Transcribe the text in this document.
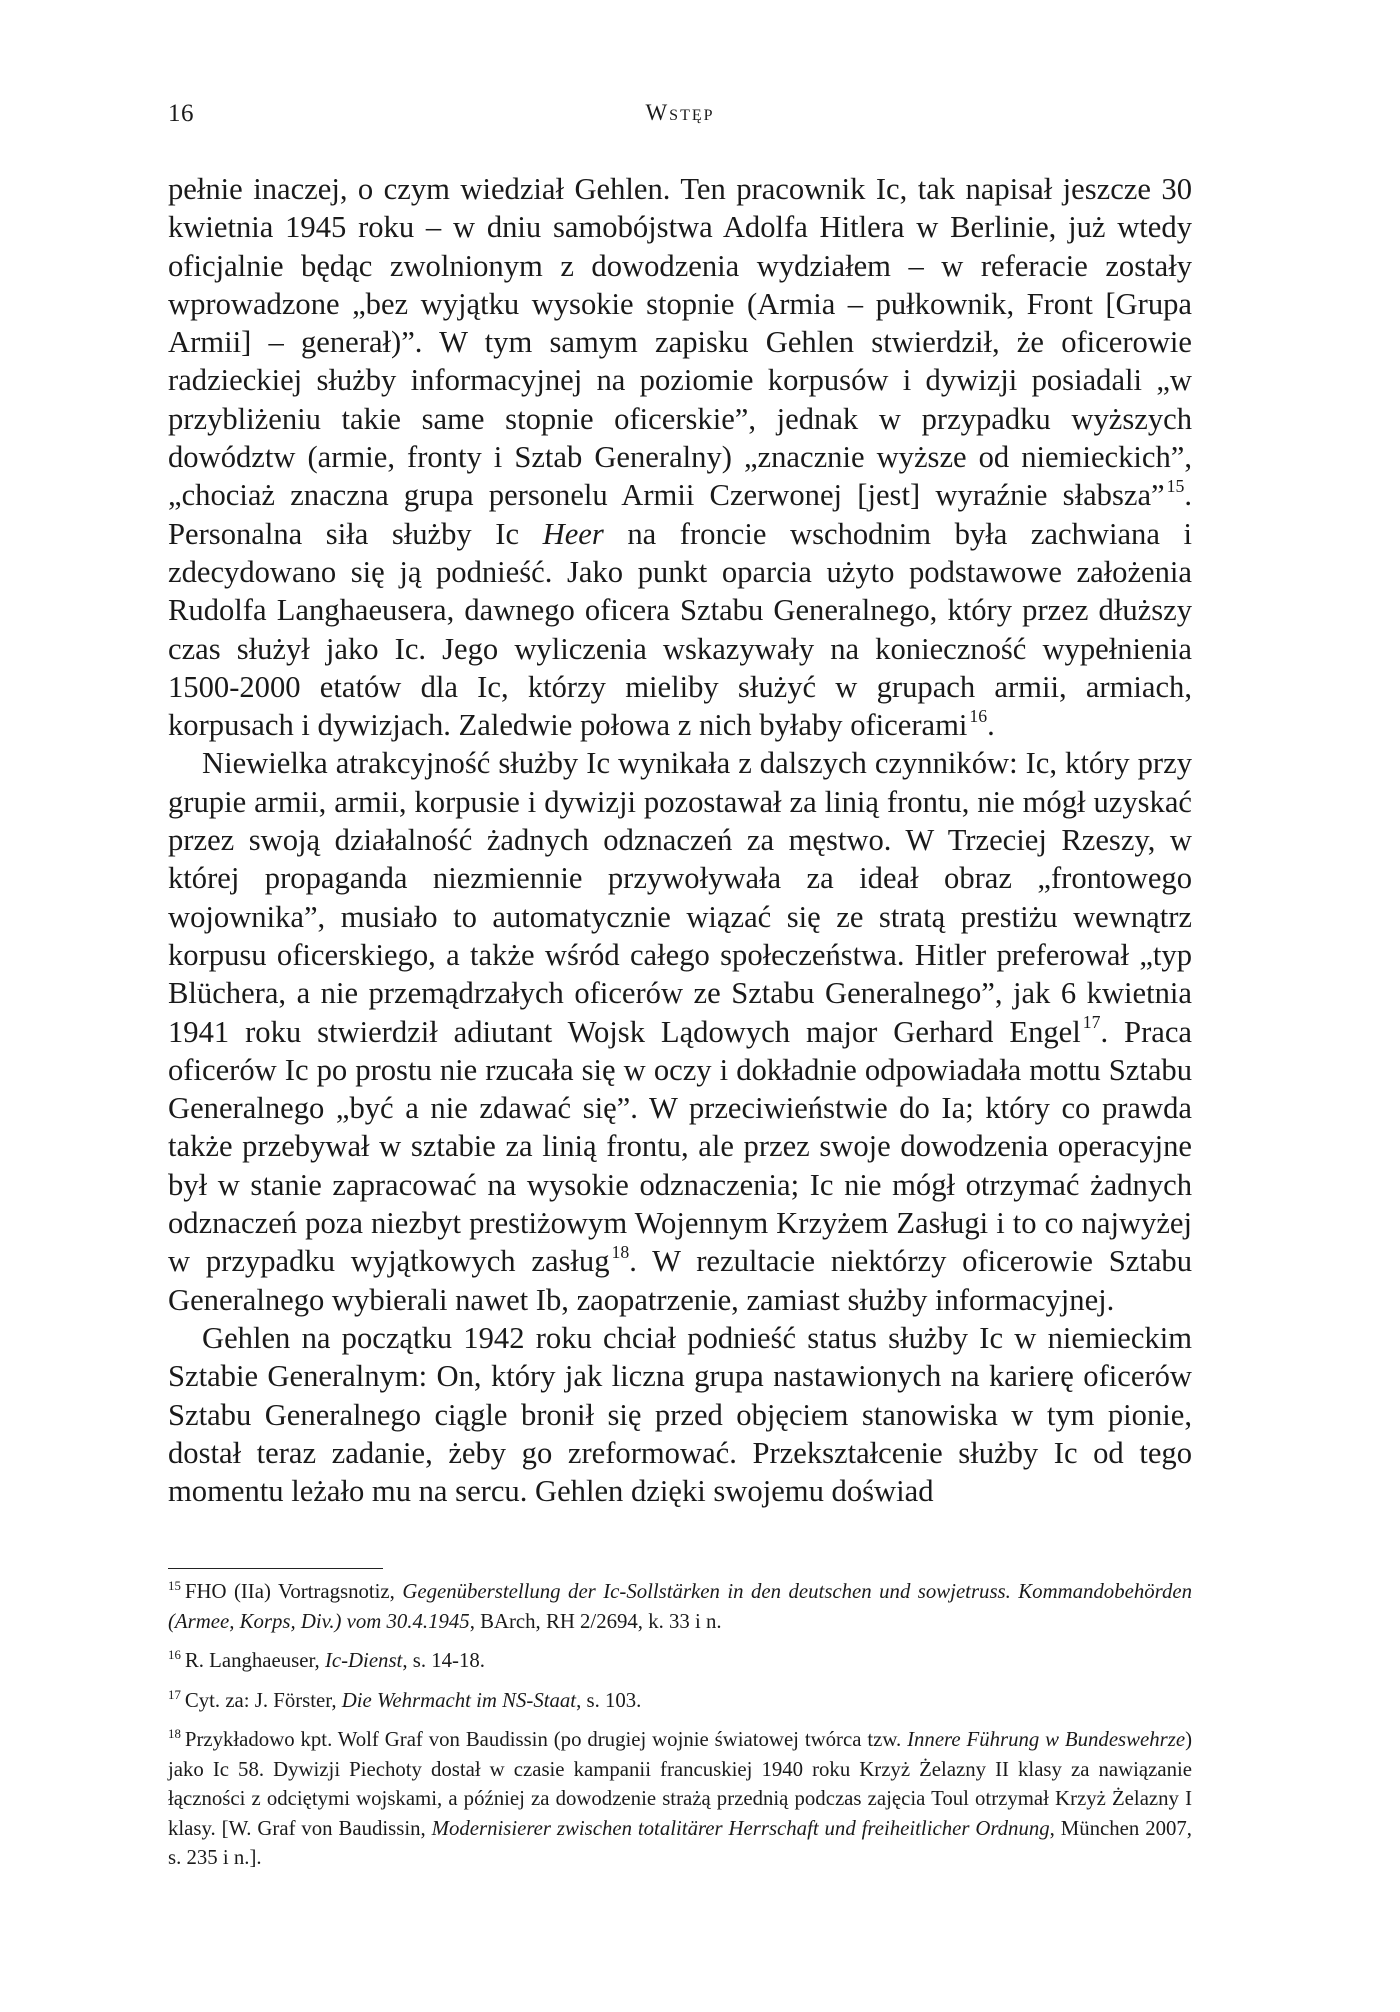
16	Wstęp

pełnie inaczej, o czym wiedział Gehlen. Ten pracownik Ic, tak napisał jeszcze 30 kwietnia 1945 roku – w dniu samobójstwa Adolfa Hitlera w Berlinie, już wtedy oficjalnie będąc zwolnionym z dowodzenia wydziałem – w referacie zostały wprowadzone „bez wyjątku wysokie stopnie (Armia – pułkownik, Front [Grupa Armii] – generał)”. W tym samym zapisku Gehlen stwierdził, że oficerowie radzieckiej służby informacyjnej na poziomie korpusów i dywizji posiadali „w przybliżeniu takie same stopnie oficerskie”, jednak w przypadku wyższych dowództw (armie, fronty i Sztab Generalny) „znacznie wyższe od niemieckich”, „chociaż znaczna grupa personelu Armii Czerwonej [jest] wyraźnie słabsza” $^{15}$. Personalna siła służby Ic Heer na froncie wschodnim była zachwiana i zdecydowano się ją podnieść. Jako punkt oparcia użyto podstawowe założenia Rudolfa Langhaeusera, dawnego oficera Sztabu Generalnego, który przez dłuższy czas służył jako Ic. Jego wyliczenia wskazywały na konieczność wypełnienia 1500-2000 etatów dla Ic, którzy mieliby służyć w grupach armii, armiach, korpusach i dywizjach. Zaledwie połowa z nich byłaby oficerami $^{16}$.

Niewielka atrakcyjność służby Ic wynikała z dalszych czynników: Ic, który przy grupie armii, armii, korpusie i dywizji pozostawał za linią frontu, nie mógł uzyskać przez swoją działalność żadnych odznaczeń za męstwo. W Trzeciej Rzeszy, w której propaganda niezmiennie przywoływała za ideał obraz „frontowego wojownika”, musiało to automatycznie wiązać się ze stratą prestiżu wewnątrz korpusu oficerskiego, a także wśród całego społeczeństwa. Hitler preferował „typ Blüchera, a nie przemądrzałych oficerów ze Sztabu Generalnego”, jak 6 kwietnia 1941 roku stwierdził adiutant Wojsk Lądowych major Gerhard Engel $^{17}$. Praca oficerów Ic po prostu nie rzucała się w oczy i dokładnie odpowiadała mottu Sztabu Generalnego „być a nie zdawać się”. W przeciwieństwie do Ia; który co prawda także przebywał w sztabie za linią frontu, ale przez swoje dowodzenia operacyjne był w stanie zapracować na wysokie odznaczenia; Ic nie mógł otrzymać żadnych odznaczeń poza niezbyt prestiżowym Wojennym Krzyżem Zasługi i to co najwyżej w przypadku wyjątkowych zasług $^{18}$. W rezultacie niektórzy oficerowie Sztabu Generalnego wybierali nawet Ib, zaopatrzenie, zamiast służby informacyjnej.

Gehlen na początku 1942 roku chciał podnieść status służby Ic w niemieckim Sztabie Generalnym: On, który jak liczna grupa nastawionych na karierę oficerów Sztabu Generalnego ciągle bronił się przed objęciem stanowiska w tym pionie, dostał teraz zadanie, żeby go zreformować. Przekształcenie służby Ic od tego momentu leżało mu na sercu. Gehlen dzięki swojemu doświad

$^{15}$ FHO (IIa) Vortragsnotiz, Gegenüberstellung der Ic-Sollstärken in den deutschen und sowjetruss. Kommandobehörden (Armee, Korps, Div.) vom 30.4.1945, BArch, RH 2/2694, k. 33 i n.

$^{16}$ R. Langhaeuser, Ic-Dienst, s. 14-18.

$^{17}$ Cyt. za: J. Förster, Die Wehrmacht im NS-Staat, s. 103.

$^{18}$ Przykładowo kpt. Wolf Graf von Baudissin (po drugiej wojnie światowej twórca tzw. Innere Führung w Bundeswehrze) jako Ic 58. Dywizji Piechoty dostał w czasie kampanii francuskiej 1940 roku Krzyż Żelazny II klasy za nawiązanie łączności z odciętymi wojskami, a później za dowodzenie strażą przednią podczas zajęcia Toul otrzymał Krzyż Żelazny I klasy. [W. Graf von Baudissin, Modernisierer zwischen totalitärer Herrschaft und freiheitlicher Ordnung, München 2007, s. 235 i n.].
